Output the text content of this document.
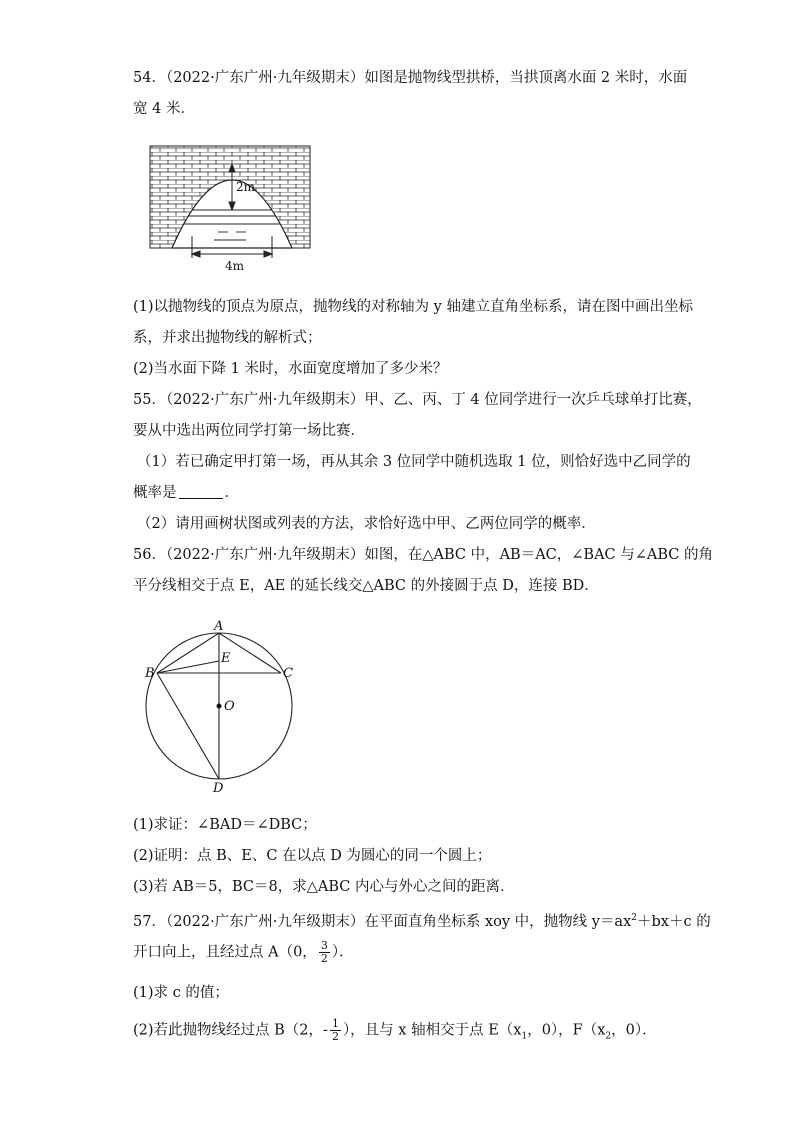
54．（2022·广东广州·九年级期末）如图是抛物线型拱桥，当拱顶离水面 2 米时，水面
宽 4 米．
2m
4m
(1)以抛物线的顶点为原点，抛物线的对称轴为 y 轴建立直角坐标系，请在图中画出坐标
系，并求出抛物线的解析式；
(2)当水面下降 1 米时，水面宽度增加了多少米？
55．（2022·广东广州·九年级期末）甲、乙、丙、丁 4 位同学进行一次乒乓球单打比赛，
要从中选出两位同学打第一场比赛．
（1）若已确定甲打第一场，再从其余 3 位同学中随机选取 1 位，则恰好选中乙同学的
概率是	．
（2）请用画树状图或列表的方法，求恰好选中甲、乙两位同学的概率．
56．（2022·广东广州·九年级期末）如图，在△ABC 中，AB＝AC，∠BAC 与∠ABC 的角
平分线相交于点 E，AE 的延长线交△ABC 的外接圆于点 D，连接 BD．
A
E
B	C
O
D
(1)求证：∠BAD＝∠DBC；
(2)证明：点 B、E、C 在以点 D 为圆心的同一个圆上；
(3)若 AB＝5，BC＝8，求△ABC 内心与外心之间的距离．
57．（2022·广东广州·九年级期末）在平面直角坐标系 xoy 中，抛物线 $y=ax^2+bx+c$ 的
开口向上，且经过点 A（0， $\frac{3}{2}$ ）．
(1)求 c 的值；
(2)若此抛物线经过点 B（2，- $\frac{1}{2}$ ），且与 x 轴相交于点 $E(x_1$，0），$F(x_2$，0）．
